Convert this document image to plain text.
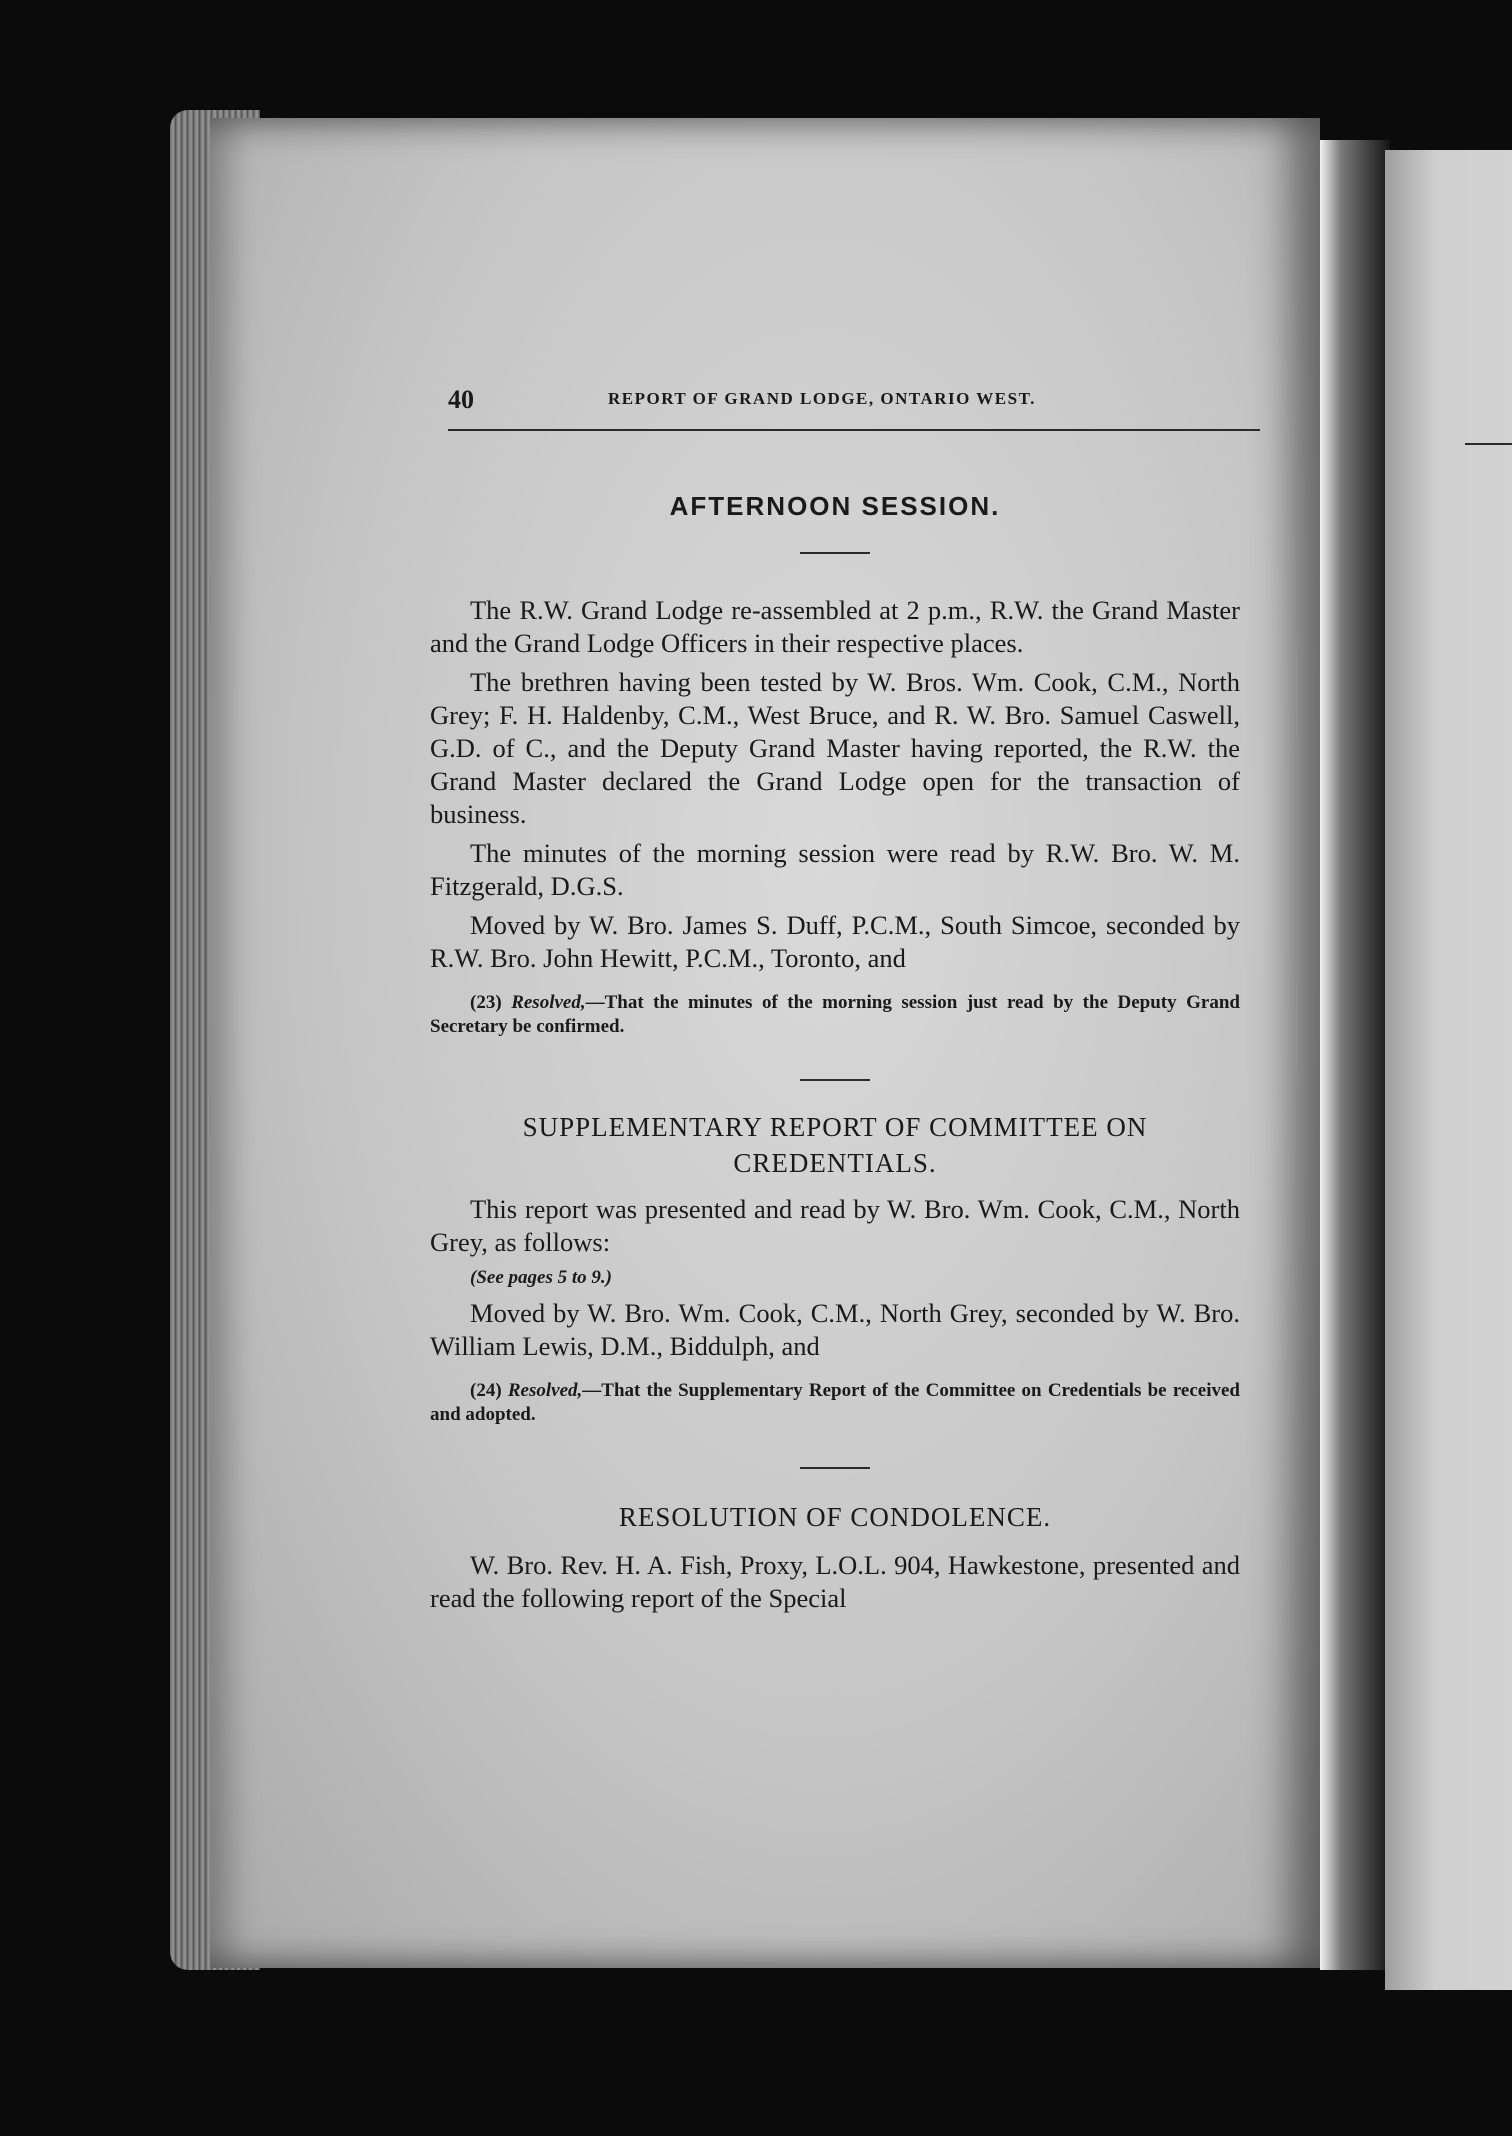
40	REPORT OF GRAND LODGE, ONTARIO WEST.
AFTERNOON SESSION.

The R.W. Grand Lodge re-assembled at 2 p.m., R.W. the Grand Master and the Grand Lodge Officers in their respective places.

The brethren having been tested by W. Bros. Wm. Cook, C.M., North Grey; F. H. Haldenby, C.M., West Bruce, and R. W. Bro. Samuel Caswell, G.D. of C., and the Deputy Grand Master having reported, the R.W. the Grand Master declared the Grand Lodge open for the transaction of business.

The minutes of the morning session were read by R.W. Bro. W. M. Fitzgerald, D.G.S.

Moved by W. Bro. James S. Duff, P.C.M., South Simcoe, seconded by R.W. Bro. John Hewitt, P.C.M., Toronto, and

(23) Resolved,—That the minutes of the morning session just read by the Deputy Grand Secretary be confirmed.

SUPPLEMENTARY REPORT OF COMMITTEE ON
CREDENTIALS.

This report was presented and read by W. Bro. Wm. Cook, C.M., North Grey, as follows:

(See pages 5 to 9.)

Moved by W. Bro. Wm. Cook, C.M., North Grey, seconded by W. Bro. William Lewis, D.M., Biddulph, and

(24) Resolved,—That the Supplementary Report of the Committee on Credentials be received and adopted.

RESOLUTION OF CONDOLENCE.

W. Bro. Rev. H. A. Fish, Proxy, L.O.L. 904, Hawkestone, presented and read the following report of the Special
